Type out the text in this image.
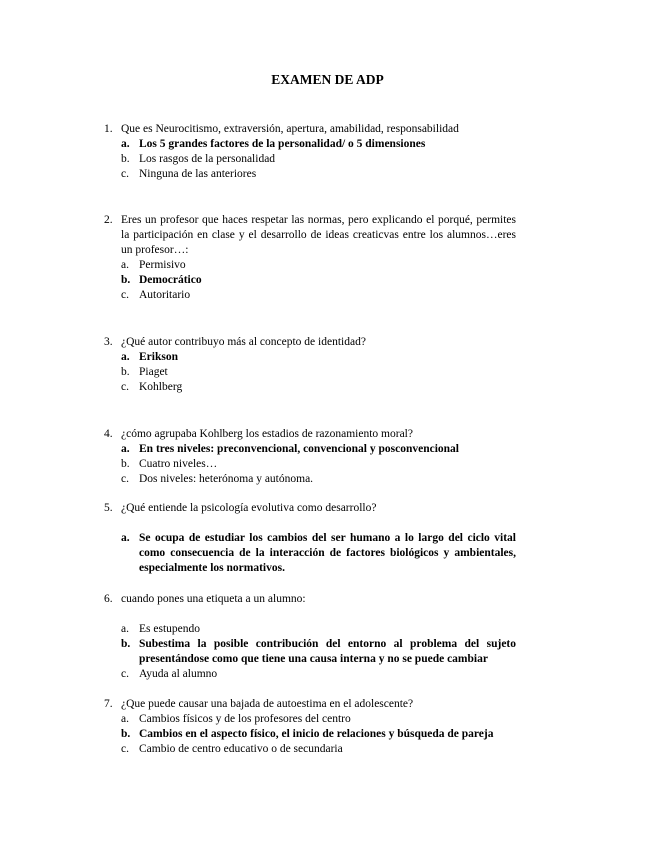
EXAMEN DE ADP
1. Que es Neurocitismo, extraversión, apertura, amabilidad, responsabilidad
a. Los 5 grandes factores de la personalidad/ o 5 dimensiones
b. Los rasgos de la personalidad
c. Ninguna de las anteriores
2. Eres un profesor que haces respetar las normas, pero explicando el porqué, permites la participación en clase y el desarrollo de ideas creaticvas entre los alumnos…eres un profesor…:
a. Permisivo
b. Democrático
c. Autoritario
3. ¿Qué autor contribuyo más al concepto de identidad?
a. Erikson
b. Piaget
c. Kohlberg
4. ¿cómo agrupaba Kohlberg los estadios de razonamiento moral?
a. En tres niveles: preconvencional, convencional y posconvencional
b. Cuatro niveles…
c. Dos niveles: heterónoma y autónoma.
5. ¿Qué entiende la psicología evolutiva como desarrollo?
a. Se ocupa de estudiar los cambios del ser humano a lo largo del ciclo vital como consecuencia de la interacción de factores biológicos y ambientales, especialmente los normativos.
6. cuando pones una etiqueta a un alumno:
a. Es estupendo
b. Subestima la posible contribución del entorno al problema del sujeto presentándose como que tiene una causa interna y no se puede cambiar
c. Ayuda al alumno
7. ¿Que puede causar una bajada de autoestima en el adolescente?
a. Cambios físicos y de los profesores del centro
b. Cambios en el aspecto físico, el inicio de relaciones y búsqueda de pareja
c. Cambio de centro educativo o de secundaria
